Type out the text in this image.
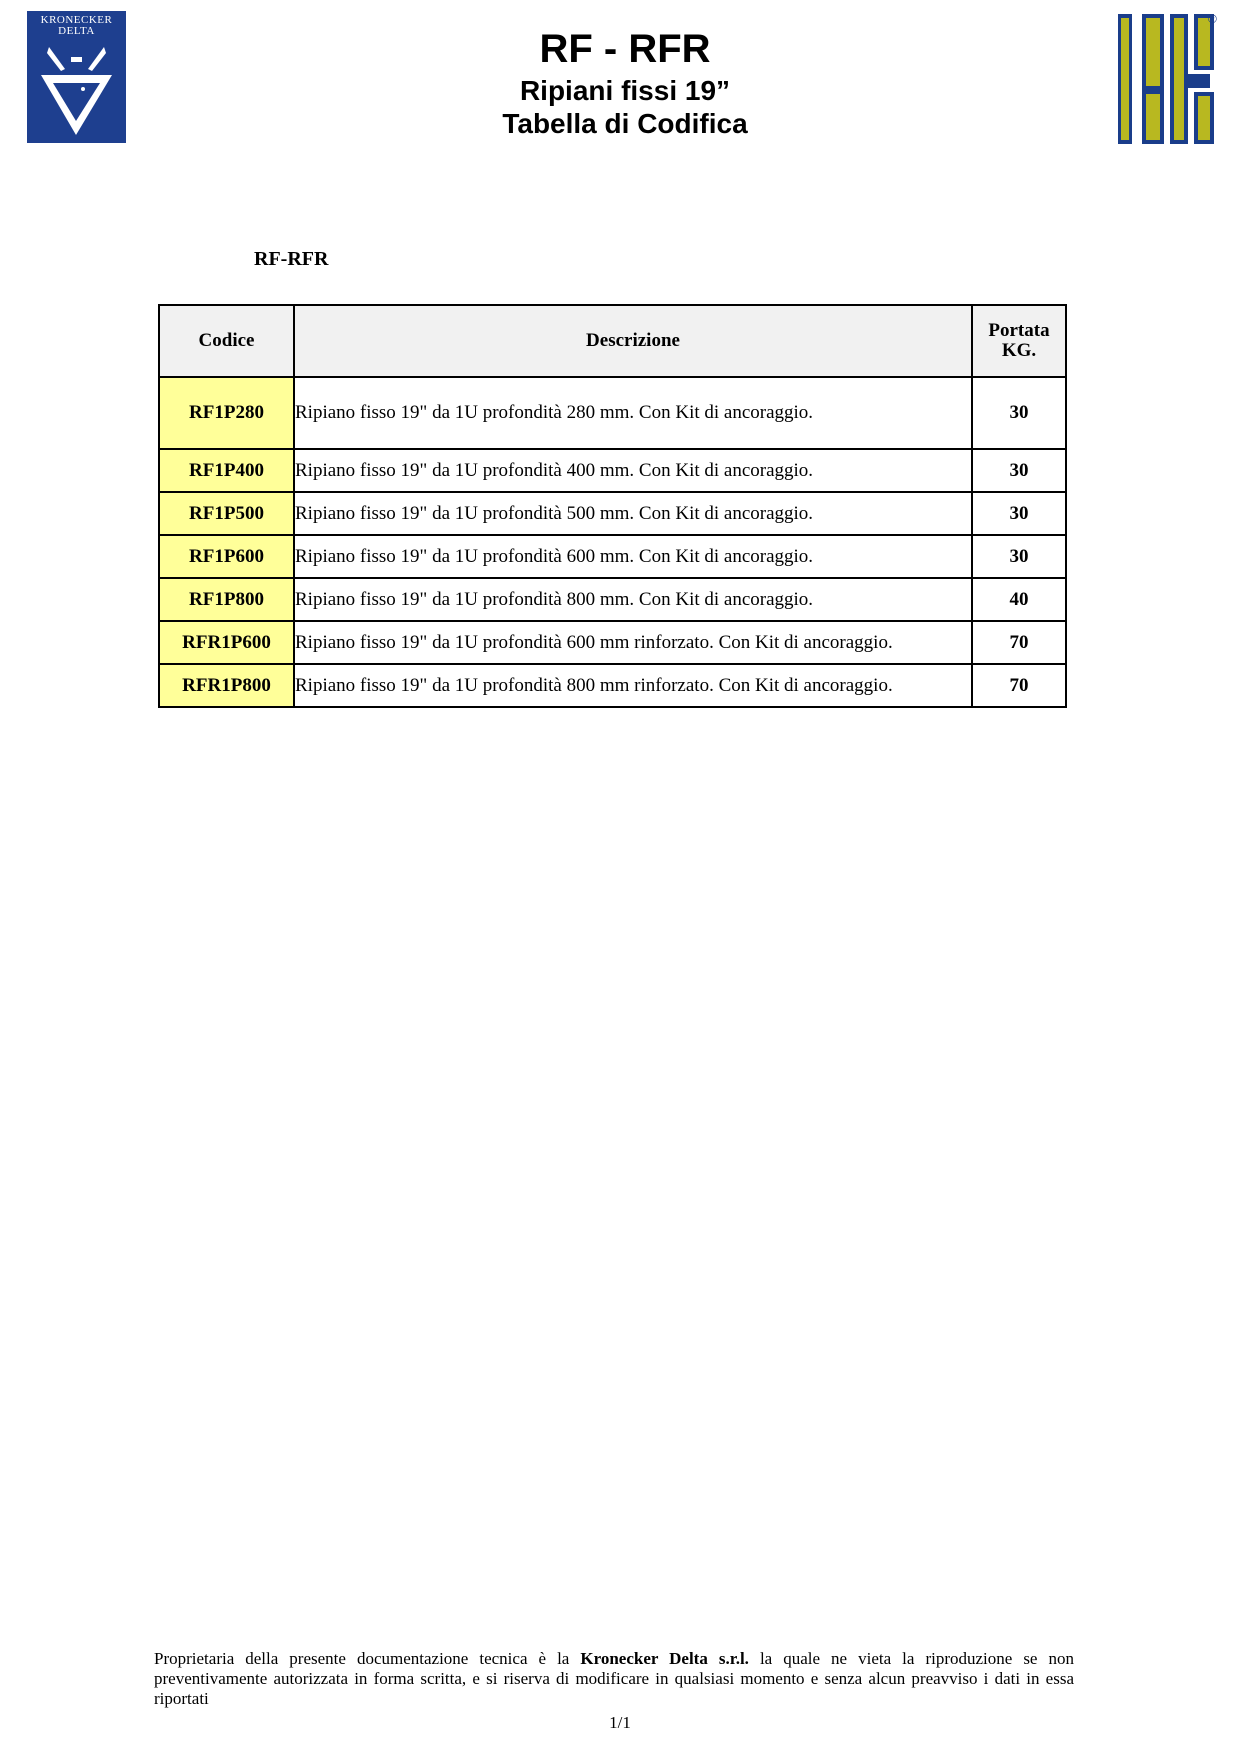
KRONECKER
DELTA
®
RF - RFR
Ripiani fissi 19”
Tabella di Codifica
RF-RFR
Codice	Descrizione	Portata
KG.

RF1P280	Ripiano fisso 19" da 1U profondità 280 mm. Con Kit di ancoraggio.	30
RF1P400	Ripiano fisso 19" da 1U profondità 400 mm. Con Kit di ancoraggio.	30
RF1P500	Ripiano fisso 19" da 1U profondità 500 mm. Con Kit di ancoraggio.	30
RF1P600	Ripiano fisso 19" da 1U profondità 600 mm. Con Kit di ancoraggio.	30
RF1P800	Ripiano fisso 19" da 1U profondità 800 mm. Con Kit di ancoraggio.	40
RFR1P600	Ripiano fisso 19" da 1U profondità 600 mm rinforzato. Con Kit di ancoraggio.	70
RFR1P800	Ripiano fisso 19" da 1U profondità 800 mm rinforzato. Con Kit di ancoraggio.	70
Proprietaria della presente documentazione tecnica è la Kronecker Delta s.r.l. la quale ne vieta la riproduzione se non preventivamente autorizzata in forma scritta, e si riserva di modificare in qualsiasi momento e senza alcun preavviso i dati in essa riportati
1/1
